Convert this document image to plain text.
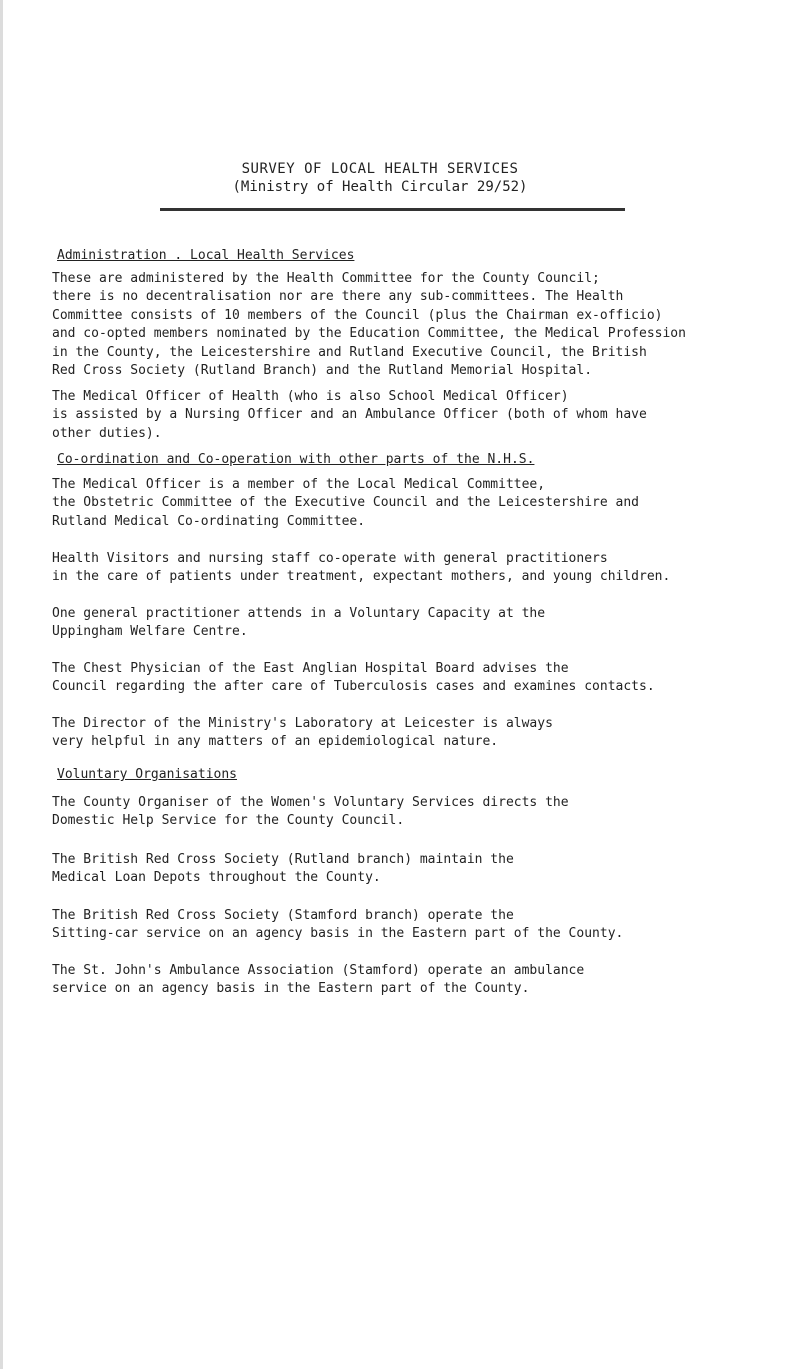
SURVEY OF LOCAL HEALTH SERVICES
(Ministry of Health Circular 29/52)
Administration . Local Health Services
These are administered by the Health Committee for the County Council;
there is no decentralisation nor are there any sub-committees. The Health
Committee consists of 10 members of the Council (plus the Chairman ex-officio)
and co-opted members nominated by the Education Committee, the Medical Profession
in the County, the Leicestershire and Rutland Executive Council, the British
Red Cross Society (Rutland Branch) and the Rutland Memorial Hospital.
The Medical Officer of Health (who is also School Medical Officer)
is assisted by a Nursing Officer and an Ambulance Officer (both of whom have
other duties).
Co-ordination and Co-operation with other parts of the N.H.S.
The Medical Officer is a member of the Local Medical Committee,
the Obstetric Committee of the Executive Council and the Leicestershire and
Rutland Medical Co-ordinating Committee.
Health Visitors and nursing staff co-operate with general practitioners
in the care of patients under treatment, expectant mothers, and young children.
One general practitioner attends in a Voluntary Capacity at the
Uppingham Welfare Centre.
The Chest Physician of the East Anglian Hospital Board advises the
Council regarding the after care of Tuberculosis cases and examines contacts.
The Director of the Ministry's Laboratory at Leicester is always
very helpful in any matters of an epidemiological nature.
Voluntary Organisations
The County Organiser of the Women's Voluntary Services directs the
Domestic Help Service for the County Council.
The British Red Cross Society (Rutland branch) maintain the
Medical Loan Depots throughout the County.
The British Red Cross Society (Stamford branch) operate the
Sitting-car service on an agency basis in the Eastern part of the County.
The St. John's Ambulance Association (Stamford) operate an ambulance
service on an agency basis in the Eastern part of the County.
